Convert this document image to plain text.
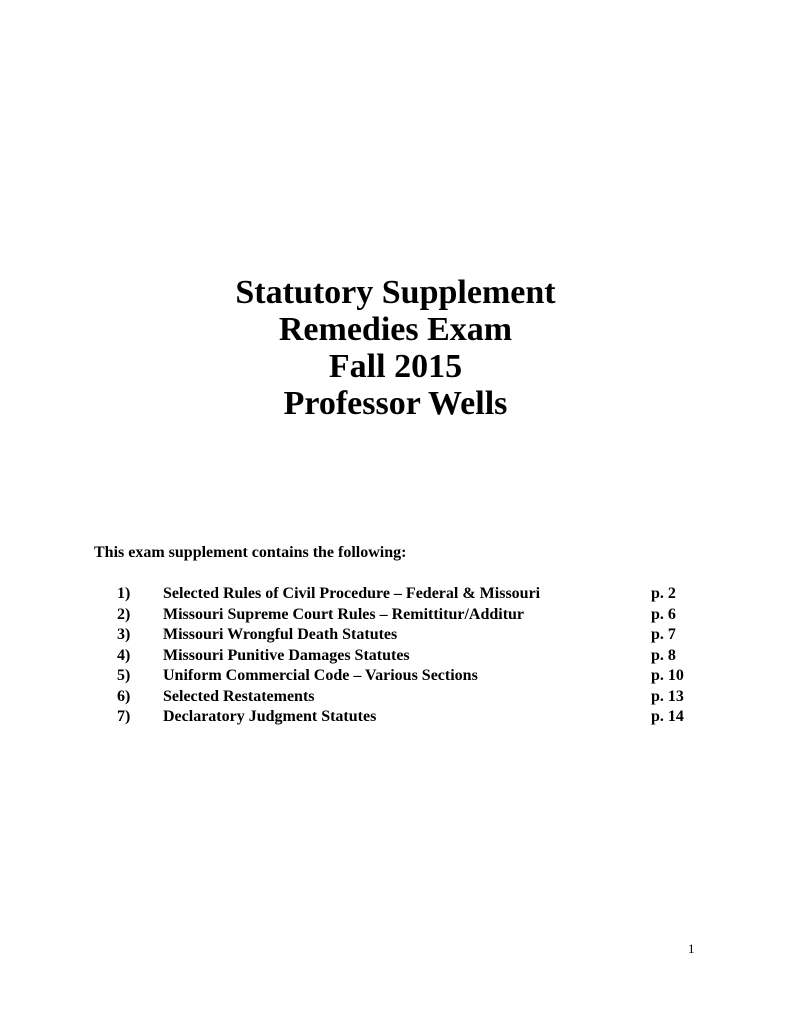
Statutory Supplement
Remedies Exam
Fall 2015
Professor Wells
This exam supplement contains the following:
1) Selected Rules of Civil Procedure – Federal & Missouri	p. 2
2) Missouri Supreme Court Rules – Remittitur/Additur	p. 6
3) Missouri Wrongful Death Statutes	p. 7
4) Missouri Punitive Damages Statutes	p. 8
5) Uniform Commercial Code – Various Sections	p. 10
6) Selected Restatements	p. 13
7) Declaratory Judgment Statutes	p. 14
1
